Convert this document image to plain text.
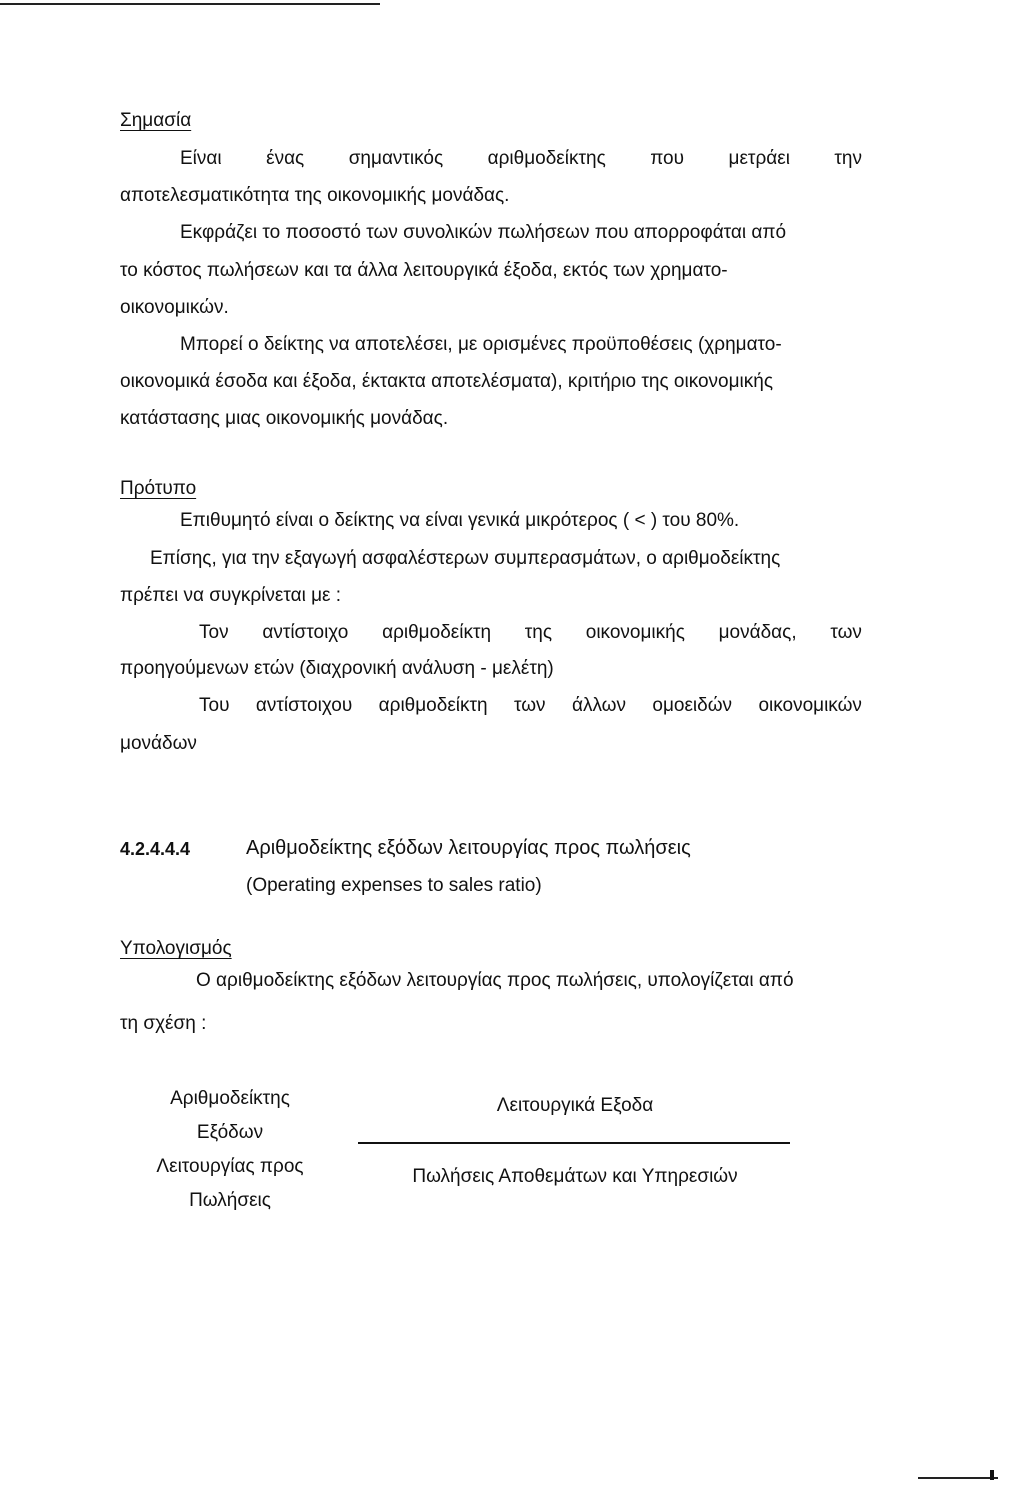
Σημασία
Είναι ένας σημαντικός αριθμοδείκτης που μετράει την
αποτελεσματικότητα της οικονομικής μονάδας.
Εκφράζει το ποσοστό των συνολικών πωλήσεων που απορροφάται από
το κόστος πωλήσεων και τα άλλα λειτουργικά έξοδα, εκτός των χρηματο-
οικονομικών.
Μπορεί ο δείκτης να αποτελέσει, με ορισμένες προϋποθέσεις (χρηματο-
οικονομικά έσοδα και έξοδα, έκτακτα αποτελέσματα), κριτήριο της οικονομικής
κατάστασης μιας οικονομικής μονάδας.
Πρότυπο
Επιθυμητό είναι ο δείκτης να είναι γενικά μικρότερος ( < ) του 80%.
Επίσης, για την εξαγωγή ασφαλέστερων συμπερασμάτων, ο αριθμοδείκτης
πρέπει να συγκρίνεται με :
Τον αντίστοιχο αριθμοδείκτη της οικονομικής μονάδας, των
προηγούμενων ετών (διαχρονική ανάλυση - μελέτη)
Του αντίστοιχου αριθμοδείκτη των άλλων ομοειδών οικονομικών
μονάδων
4.2.4.4.4	Αριθμοδείκτης εξόδων λειτουργίας προς πωλήσεις
(Operating expenses to sales ratio)
Υπολογισμός
Ο αριθμοδείκτης εξόδων λειτουργίας προς πωλήσεις, υπολογίζεται από
τη σχέση :
Αριθμοδείκτης
Εξόδων
Λειτουργίας προς
Πωλήσεις
Λειτουργικά Εξοδα
Πωλήσεις Αποθεμάτων και Υπηρεσιών
